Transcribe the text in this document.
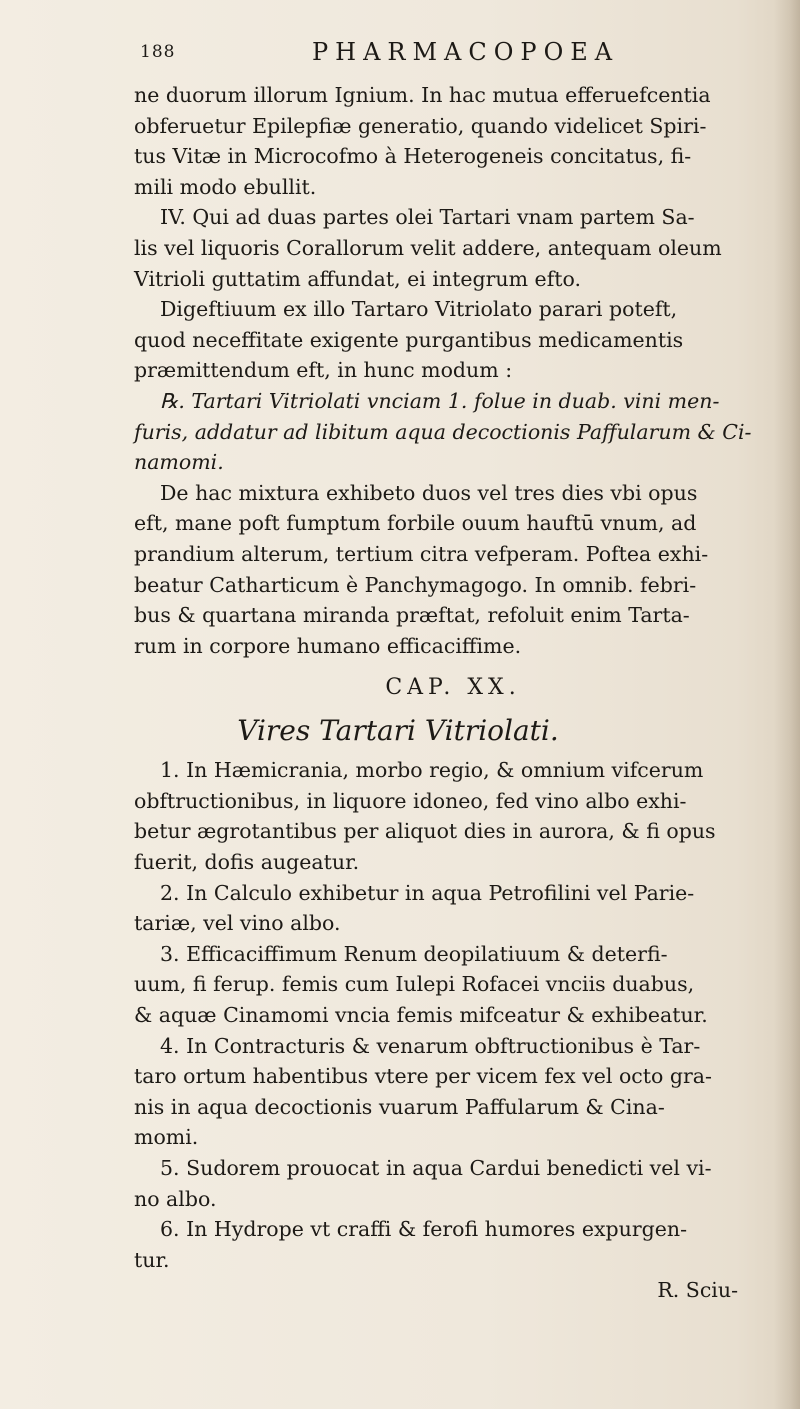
188	PHARMACOPOEA

ne duorum illorum Ignium. In hac mutua efferuefcentia

obferuetur Epilepfiæ generatio, quando videlicet Spiri-

tus Vitæ in Microcofmo à Heterogeneis concitatus, fi-

mili modo ebullit.

IV. Qui ad duas partes olei Tartari vnam partem Sa-

lis vel liquoris Corallorum velit addere, antequam oleum

Vitrioli guttatim affundat, ei integrum efto.

Digeftiuum ex illo Tartaro Vitriolato parari poteft,

quod neceffitate exigente purgantibus medicamentis

præmittendum eft, in hunc modum :

℞. Tartari Vitriolati vnciam 1. folue in duab. vini men-

furis, addatur ad libitum aqua decoctionis Paffularum & Ci-

namomi.

De hac mixtura exhibeto duos vel tres dies vbi opus

eft, mane poft fumptum forbile ouum hauftū vnum, ad

prandium alterum, tertium citra vefperam. Poftea exhi-

beatur Catharticum è Panchymagogo. In omnib. febri-

bus & quartana miranda præftat, refoluit enim Tarta-

rum in corpore humano efficaciffime.

CAP. XX.
Vires Tartari Vitriolati.

1. In Hæmicrania, morbo regio, & omnium vifcerum

obftructionibus, in liquore idoneo, fed vino albo exhi-

betur ægrotantibus per aliquot dies in aurora, & fi opus

fuerit, dofis augeatur.

2. In Calculo exhibetur in aqua Petrofilini vel Parie-

tariæ, vel vino albo.

3. Efficaciffimum Renum deopilatiuum & deterfi-

uum, fi ferup. femis cum Iulepi Rofacei vnciis duabus,

& aquæ Cinamomi vncia femis mifceatur & exhibeatur.

4. In Contracturis & venarum obftructionibus è Tar-

taro ortum habentibus vtere per vicem fex vel octo gra-

nis in aqua decoctionis vuarum Paffularum & Cina-

momi.

5. Sudorem prouocat in aqua Cardui benedicti vel vi-

no albo.

6. In Hydrope vt craffi & ferofi humores expurgen-

tur.

R. Sciu-
